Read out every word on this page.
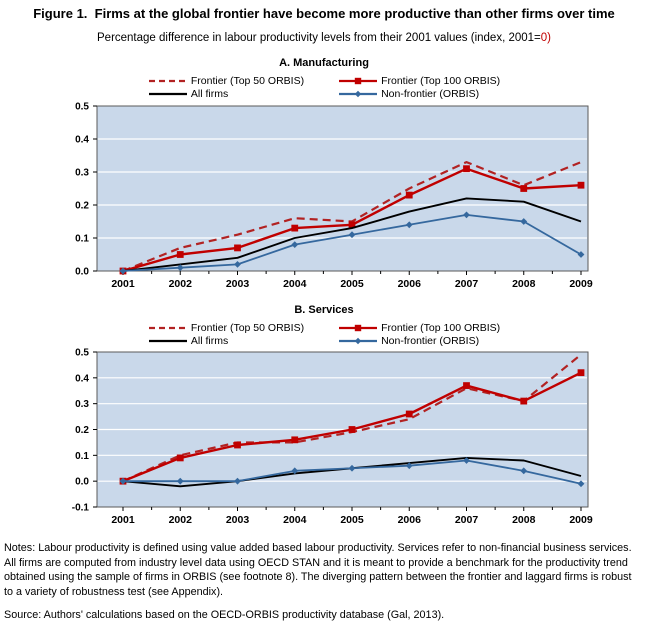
Figure 1.  Firms at the global frontier have become more productive than other firms over time
Percentage difference in labour productivity levels from their 2001 values (index, 2001=0)
A. Manufacturing
Frontier (Top 50 ORBIS)	Frontier (Top 100 ORBIS)
All firms	Non-frontier (ORBIS)
0.0
0.1
0.2
0.3
0.4
0.5
2001	2002	2003	2004	2005	2006	2007	2008	2009
B. Services
Frontier (Top 50 ORBIS)	Frontier (Top 100 ORBIS)
All firms	Non-frontier (ORBIS)
-0.1
0.0
0.1
0.2
0.3
0.4
0.5
2001	2002	2003	2004	2005	2006	2007	2008	2009
Notes: Labour productivity is defined using value added based labour productivity. Services refer to non-financial business services.
All firms are computed from industry level data using OECD STAN and it is meant to provide a benchmark for the productivity trend
obtained using the sample of firms in ORBIS (see footnote 8). The diverging pattern between the frontier and laggard firms is robust
to a variety of robustness test (see Appendix).
Source: Authors' calculations based on the OECD-ORBIS productivity database (Gal, 2013).
